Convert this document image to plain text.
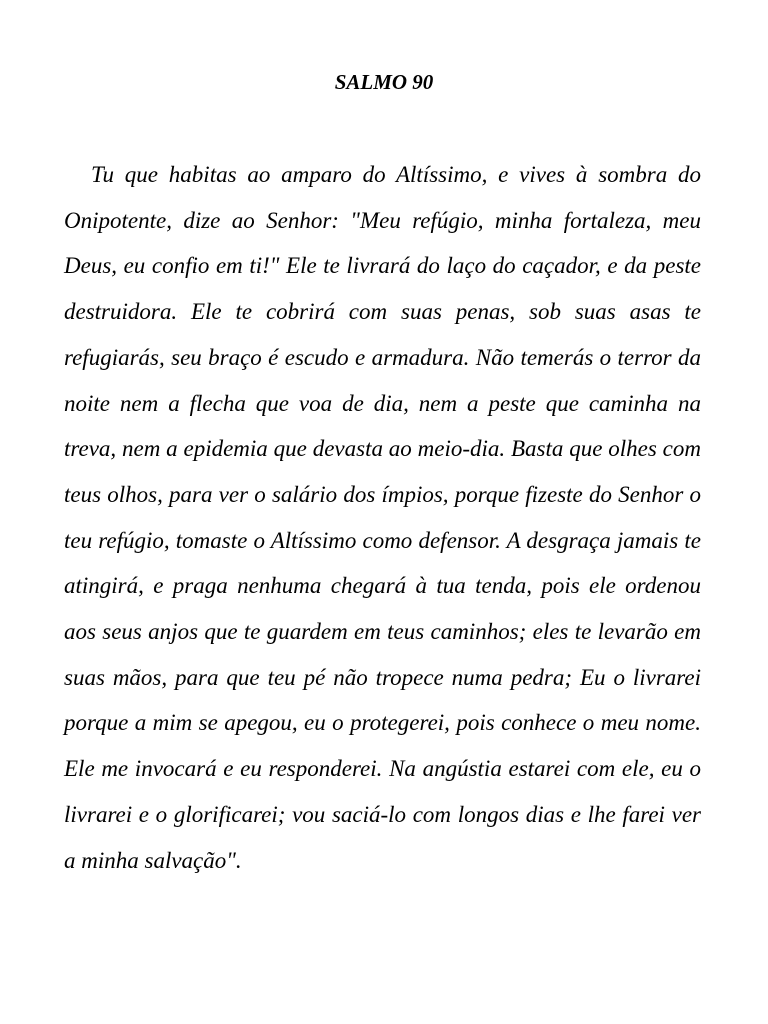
SALMO 90

Tu que habitas ao amparo do Altíssimo, e vives à sombra do Onipotente, dize ao Senhor: "Meu refúgio, minha fortaleza, meu Deus, eu confio em ti!" Ele te livrará do laço do caçador, e da peste destruidora. Ele te cobrirá com suas penas, sob suas asas te refugiarás, seu braço é escudo e armadura. Não temerás o terror da noite nem a flecha que voa de dia, nem a peste que caminha na treva, nem a epidemia que devasta ao meio-dia. Basta que olhes com teus olhos, para ver o salário dos ímpios, porque fizeste do Senhor o teu refúgio, tomaste o Altíssimo como defensor. A desgraça jamais te atingirá, e praga nenhuma chegará à tua tenda, pois ele ordenou aos seus anjos que te guardem em teus caminhos; eles te levarão em suas mãos, para que teu pé não tropece numa pedra; Eu o livrarei porque a mim se apegou, eu o protegerei, pois conhece o meu nome. Ele me invocará e eu responderei. Na angústia estarei com ele, eu o livrarei e o glorificarei; vou saciá-lo com longos dias e lhe farei ver a minha salvação".
